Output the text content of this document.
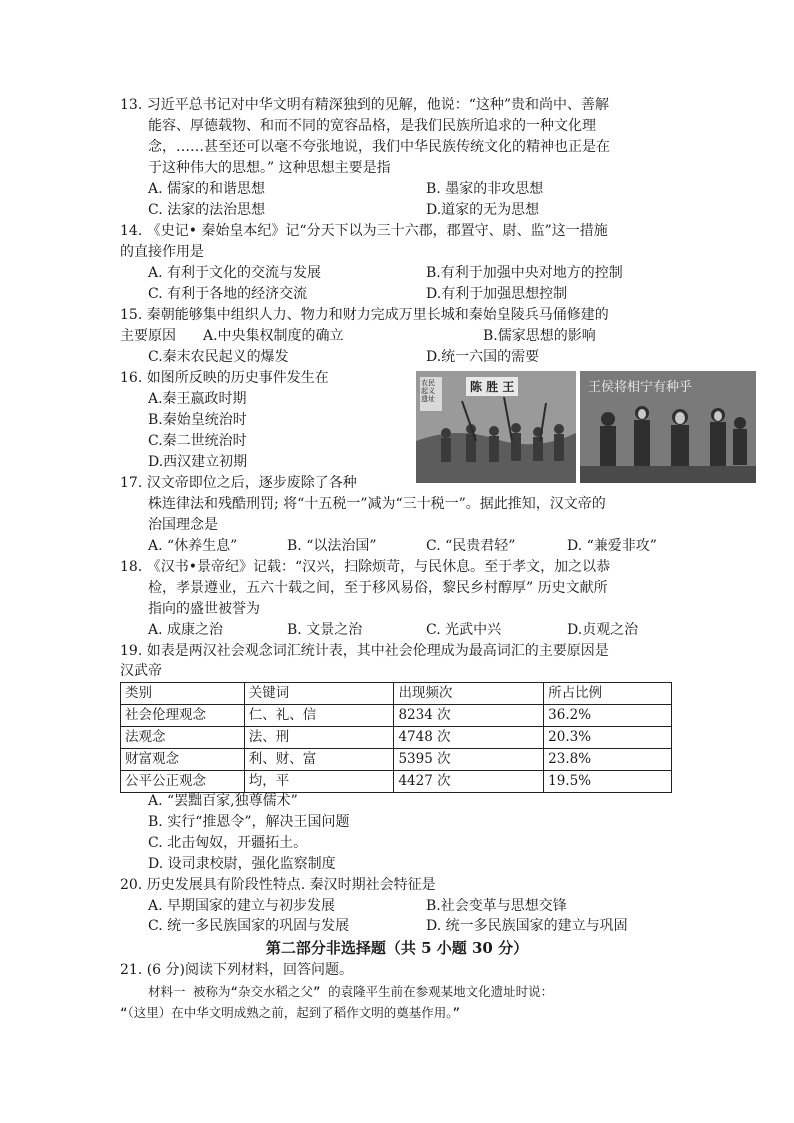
13. 习近平总书记对中华文明有精深独到的见解，他说：“这种”贵和尚中、善解
能容、厚德载物、和而不同的宽容品格，是我们民族所追求的一种文化理
念，……甚至还可以毫不夸张地说，我们中华民族传统文化的精神也正是在
于这种伟大的思想。” 这种思想主要是指
A. 儒家的和谐思想	B. 墨家的非攻思想
C. 法家的法治思想	D.道家的无为思想
14. 《史记• 秦始皇本纪》记“分天下以为三十六郡，郡置守、尉、监”这一措施
的直接作用是
A. 有利于文化的交流与发展	B.有利于加强中央对地方的控制
C. 有利于各地的经济交流	D.有利于加强思想控制
15. 秦朝能够集中组织人力、物力和财力完成万里长城和秦始皇陵兵马俑修建的
主要原因 A.中央集权制度的确立	B.儒家思想的影响
C.秦末农民起义的爆发	D.统一六国的需要
16. 如图所反映的历史事件发生在
A.秦王嬴政时期
B.秦始皇统治时
C.秦二世统治时
D.西汉建立初期
陈 胜 王
农民起义遗址
王侯将相宁有种乎
17. 汉文帝即位之后，逐步废除了各种
株连律法和残酷刑罚; 将“十五税一”减为“三十税一”。据此推知，汉文帝的
治国理念是
A. “休养生息”	B. “以法治国”	C. “民贵君轻”	D. “兼爱非攻”
18. 《汉书•景帝纪》记载：“汉兴，扫除烦苛，与民休息。至于孝文，加之以恭
检，孝景遵业，五六十载之间，至于移风易俗，黎民乡村醇厚” 历史文献所
指向的盛世被誉为
A. 成康之治	B. 文景之治	C. 光武中兴	D.贞观之治
19. 如表是两汉社会观念词汇统计表，其中社会伦理成为最高词汇的主要原因是
汉武帝
类别	关键词	出现频次	所占比例
社会伦理观念	仁、礼、信	8234 次	36.2%
法观念	法、刑	4748 次	20.3%
财富观念	利、财、富	5395 次	23.8%
公平公正观念	均，平	4427 次	19.5%
A. “罢黜百家,独尊儒术”
B. 实行“推恩令”，解决王国问题
C. 北击匈奴，开疆拓土。
D. 设司隶校尉，强化监察制度
20. 历史发展具有阶段性特点. 秦汉时期社会特征是
A. 早期国家的建立与初步发展	B.社会变革与思想交锋
C. 统一多民族国家的巩固与发展	D. 统一多民族国家的建立与巩固
第二部分非选择题（共 5 小题 30 分）
21. (6 分)阅读下列材料，回答问题。
材料一 被称为“杂交水稻之父” 的袁隆平生前在参观某地文化遗址时说：
“（这里）在中华文明成熟之前，起到了稻作文明的奠基作用。”
